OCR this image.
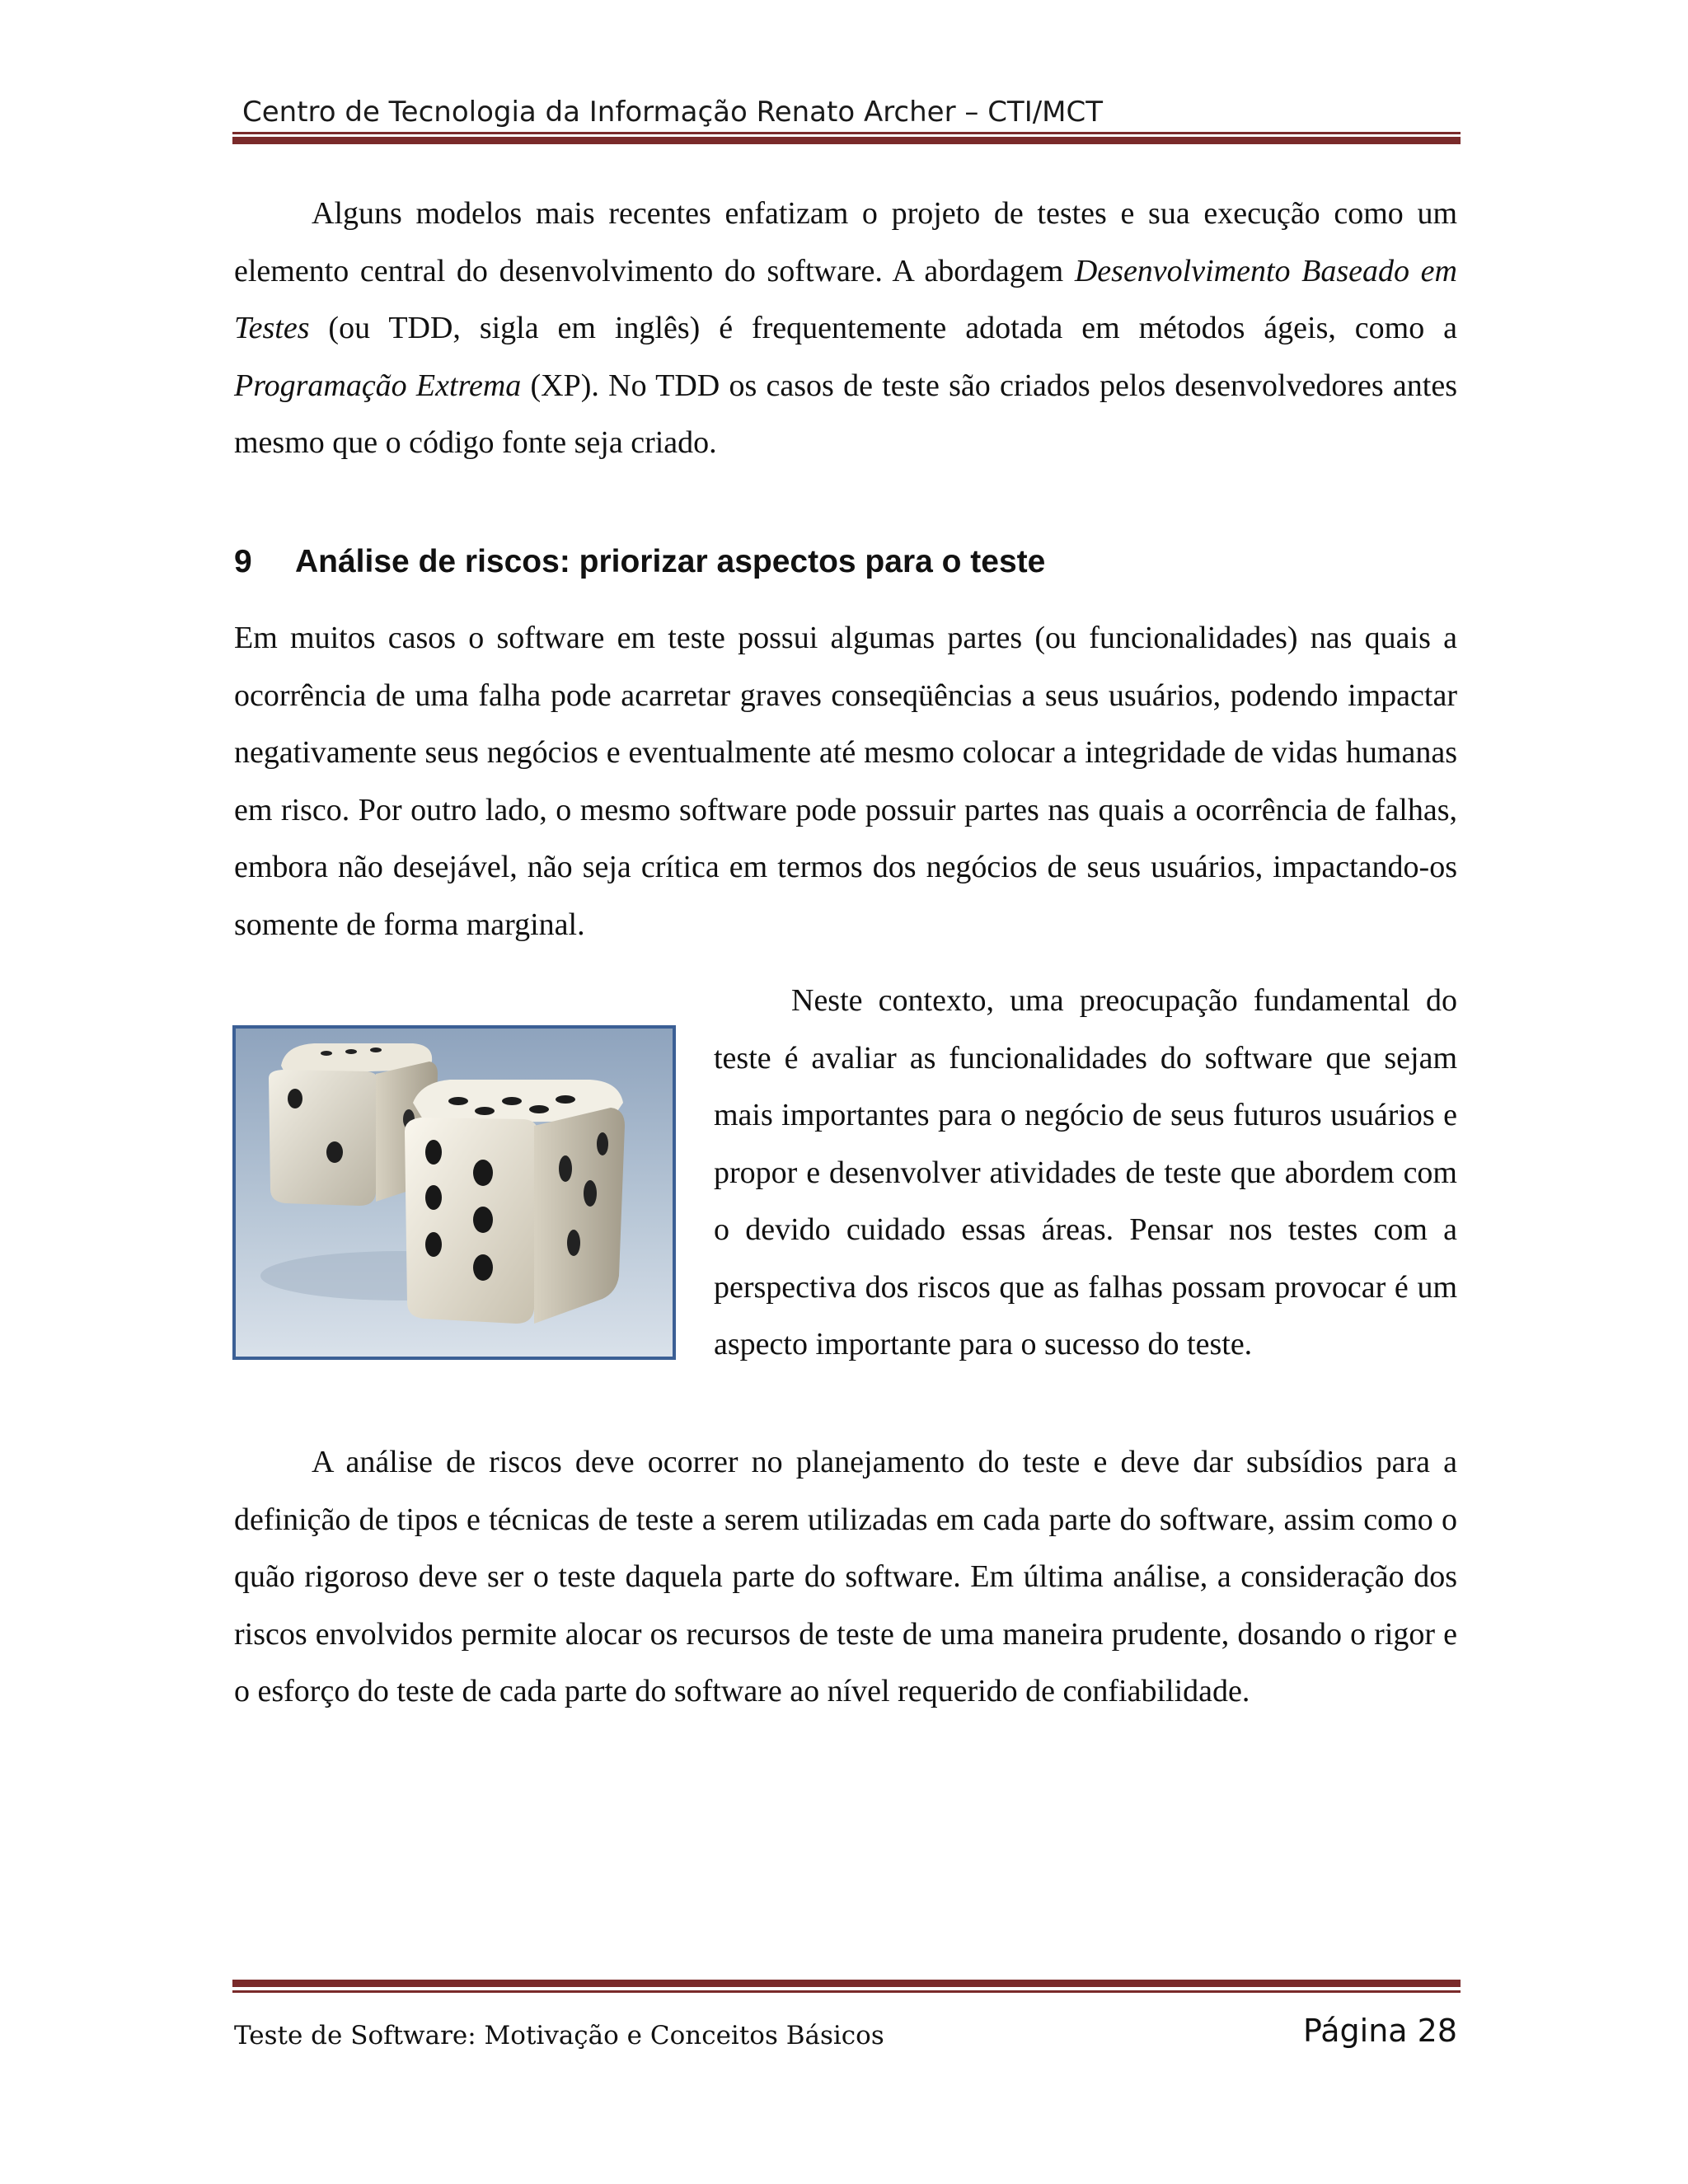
Centro de Tecnologia da Informação Renato Archer – CTI/MCT

Alguns modelos mais recentes enfatizam o projeto de testes e sua execução como um elemento central do desenvolvimento do software. A abordagem Desenvolvimento Baseado em Testes (ou TDD, sigla em inglês) é frequentemente adotada em métodos ágeis, como a Programação Extrema (XP). No TDD os casos de teste são criados pelos desenvolvedores antes mesmo que o código fonte seja criado.

9 Análise de riscos: priorizar aspectos para o teste

Em muitos casos o software em teste possui algumas partes (ou funcionalidades) nas quais a ocorrência de uma falha pode acarretar graves conseqüências a seus usuários, podendo impactar negativamente seus negócios e eventualmente até mesmo colocar a integridade de vidas humanas em risco. Por outro lado, o mesmo software pode possuir partes nas quais a ocorrência de falhas, embora não desejável, não seja crítica em termos dos negócios de seus usuários, impactando-os somente de forma marginal.

Neste contexto, uma preocupação fundamental do teste é avaliar as funcionalidades do software que sejam mais importantes para o negócio de seus futuros usuários e propor e desenvolver atividades de teste que abordem com o devido cuidado essas áreas. Pensar nos testes com a perspectiva dos riscos que as falhas possam provocar é um aspecto importante para o sucesso do teste.

A análise de riscos deve ocorrer no planejamento do teste e deve dar subsídios para a definição de tipos e técnicas de teste a serem utilizadas em cada parte do software, assim como o quão rigoroso deve ser o teste daquela parte do software. Em última análise, a consideração dos riscos envolvidos permite alocar os recursos de teste de uma maneira prudente, dosando o rigor e o esforço do teste de cada parte do software ao nível requerido de confiabilidade.

Teste de Software: Motivação e Conceitos Básicos	Página 28
